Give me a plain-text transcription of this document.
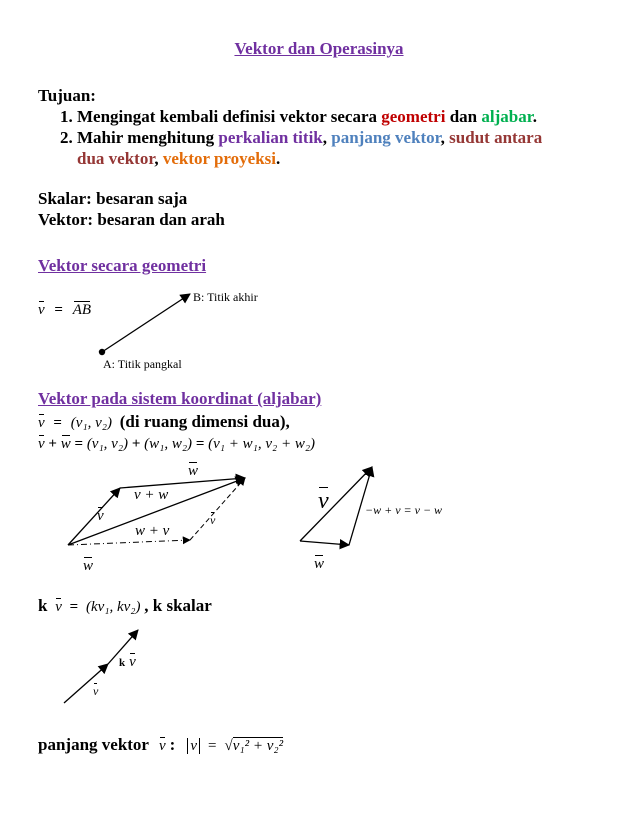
Vektor dan Operasinya
Tujuan:
1. Mengingat kembali definisi vektor secara geometri dan aljabar.
2. Mahir menghitung perkalian titik, panjang vektor, sudut antara
dua vektor, vektor proyeksi.
Skalar: besaran saja
Vektor: besaran dan arah
Vektor secara geometri
v = AB
B: Titik akhir
A: Titik pangkal
Vektor pada sistem koordinat (aljabar)
v = (v₁, v₂) (di ruang dimensi dua),
v + w = (v₁, v₂) + (w₁, w₂) = (v₁ + w₁, v₂ + w₂)
w
v + w
v	v
w + v
w
v	−w + v = v − w
w
k v = (kv₁, kv₂) , k skalar
k v
v
panjang vektor v : v = √v₁² + v₂²
